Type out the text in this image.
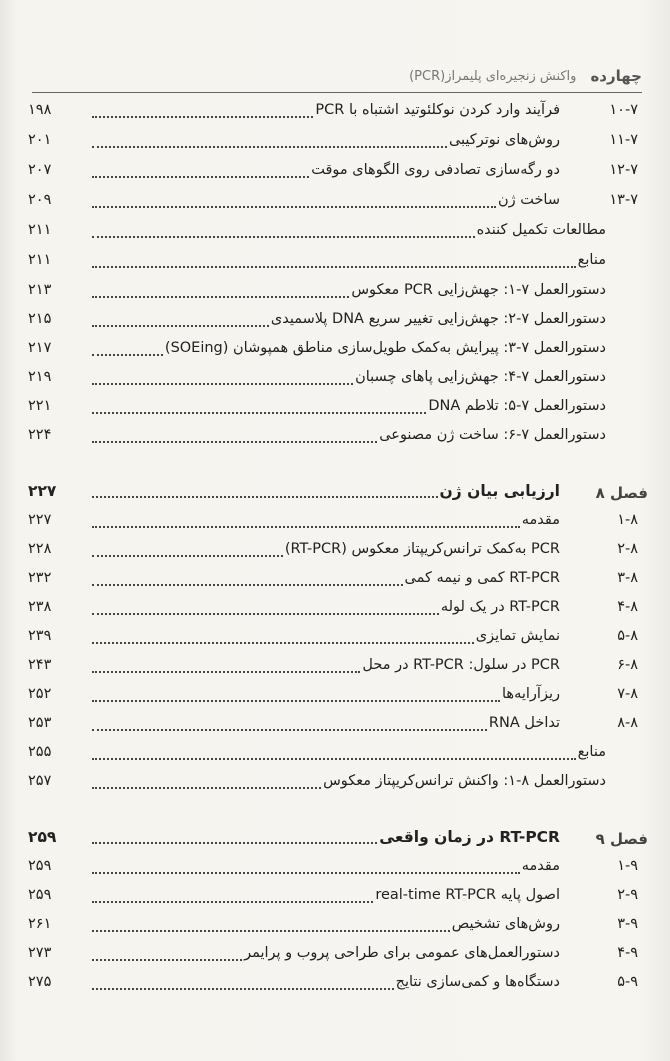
چهارده
واکنش زنجیره‌ای پلیمراز(PCR)
۱۰-۷
فرآیند وارد کردن نوکلئوتید اشتباه با PCR
۱۹۸
۱۱-۷
روش‌های نوترکیبی
۲۰۱
۱۲-۷
دو رگه‌سازی تصادفی روی الگوهای موقت
۲۰۷
۱۳-۷
ساخت ژن
۲۰۹
مطالعات تکمیل کننده
۲۱۱
منابع
۲۱۱
دستورالعمل ۷-۱: جهش‌زایی PCR معکوس
۲۱۳
دستورالعمل ۷-۲: جهش‌زایی تغییر سریع DNA پلاسمیدی
۲۱۵
دستورالعمل ۷-۳: پیرایش به‌کمک طویل‌سازی مناطق همپوشان (SOEing)
۲۱۷
دستورالعمل ۷-۴: جهش‌زایی پاهای چسبان
۲۱۹
دستورالعمل ۷-۵: تلاطم DNA
۲۲۱
دستورالعمل ۷-۶: ساخت ژن مصنوعی
۲۲۴
فصل ۸
ارزیابی بیان ژن
۲۲۷
۱-۸
مقدمه
۲۲۷
۲-۸
PCR به‌کمک ترانس‌کریپتاز معکوس (RT-PCR)
۲۲۸
۳-۸
RT-PCR کمی و نیمه کمی
۲۳۲
۴-۸
RT-PCR در یک لوله
۲۳۸
۵-۸
نمایش تمایزی
۲۳۹
۶-۸
PCR در سلول: RT-PCR در محل
۲۴۳
۷-۸
ریزآرایه‌ها
۲۵۲
۸-۸
تداخل RNA
۲۵۳
منابع
۲۵۵
دستورالعمل ۸-۱: واکنش ترانس‌کریپتاز معکوس
۲۵۷
فصل ۹
RT-PCR در زمان واقعی
۲۵۹
۱-۹
مقدمه
۲۵۹
۲-۹
اصول پایه real-time RT-PCR
۲۵۹
۳-۹
روش‌های تشخیص
۲۶۱
۴-۹
دستورالعمل‌های عمومی برای طراحی پروب و پرایمر
۲۷۳
۵-۹
دستگاه‌ها و کمی‌سازی نتایج
۲۷۵
